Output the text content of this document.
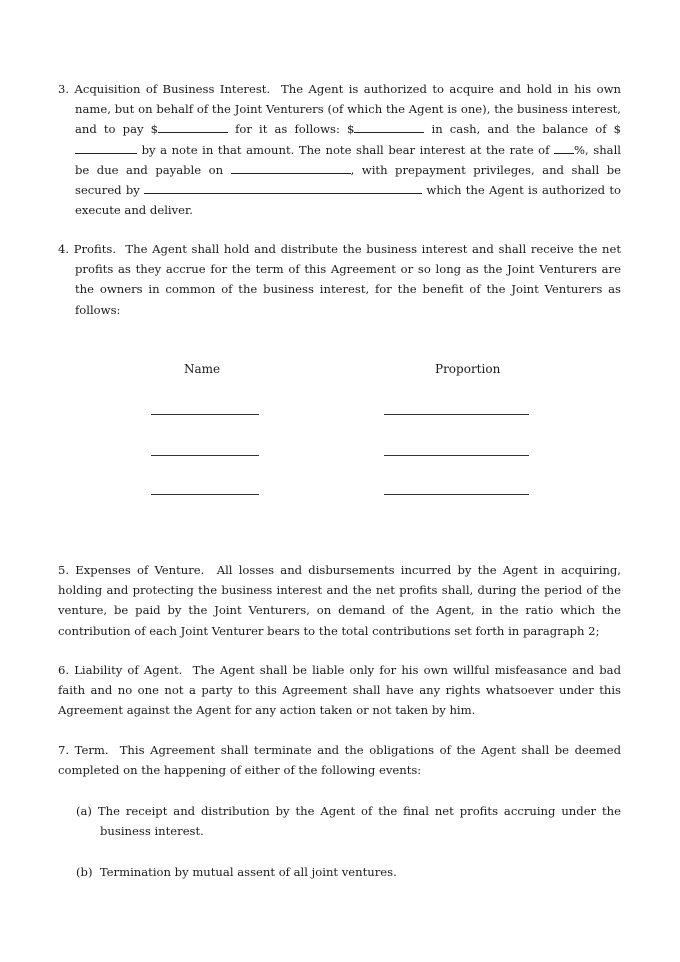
3. Acquisition of Business Interest. The Agent is authorized to acquire and hold in his own name, but on behalf of the Joint Venturers (of which the Agent is one), the business interest, and to pay $	for it as follows: $	in cash, and the balance of $ by a note in that amount. The note shall bear interest at the rate of %, shall be due and payable on	, with prepayment privileges, and shall be secured by	which the Agent is authorized to execute and deliver.
4. Profits. The Agent shall hold and distribute the business interest and shall receive the net profits as they accrue for the term of this Agreement or so long as the Joint Venturers are the owners in common of the business interest, for the benefit of the Joint Venturers as follows:
Name	Proportion
5. Expenses of Venture. All losses and disbursements incurred by the Agent in acquiring, holding and protecting the business interest and the net profits shall, during the period of the venture, be paid by the Joint Venturers, on demand of the Agent, in the ratio which the contribution of each Joint Venturer bears to the total contributions set forth in paragraph 2;
6. Liability of Agent. The Agent shall be liable only for his own willful misfeasance and bad faith and no one not a party to this Agreement shall have any rights whatsoever under this Agreement against the Agent for any action taken or not taken by him.
7. Term. This Agreement shall terminate and the obligations of the Agent shall be deemed completed on the happening of either of the following events:
(a) The receipt and distribution by the Agent of the final net profits accruing under the business interest.
(b) Termination by mutual assent of all joint ventures.
